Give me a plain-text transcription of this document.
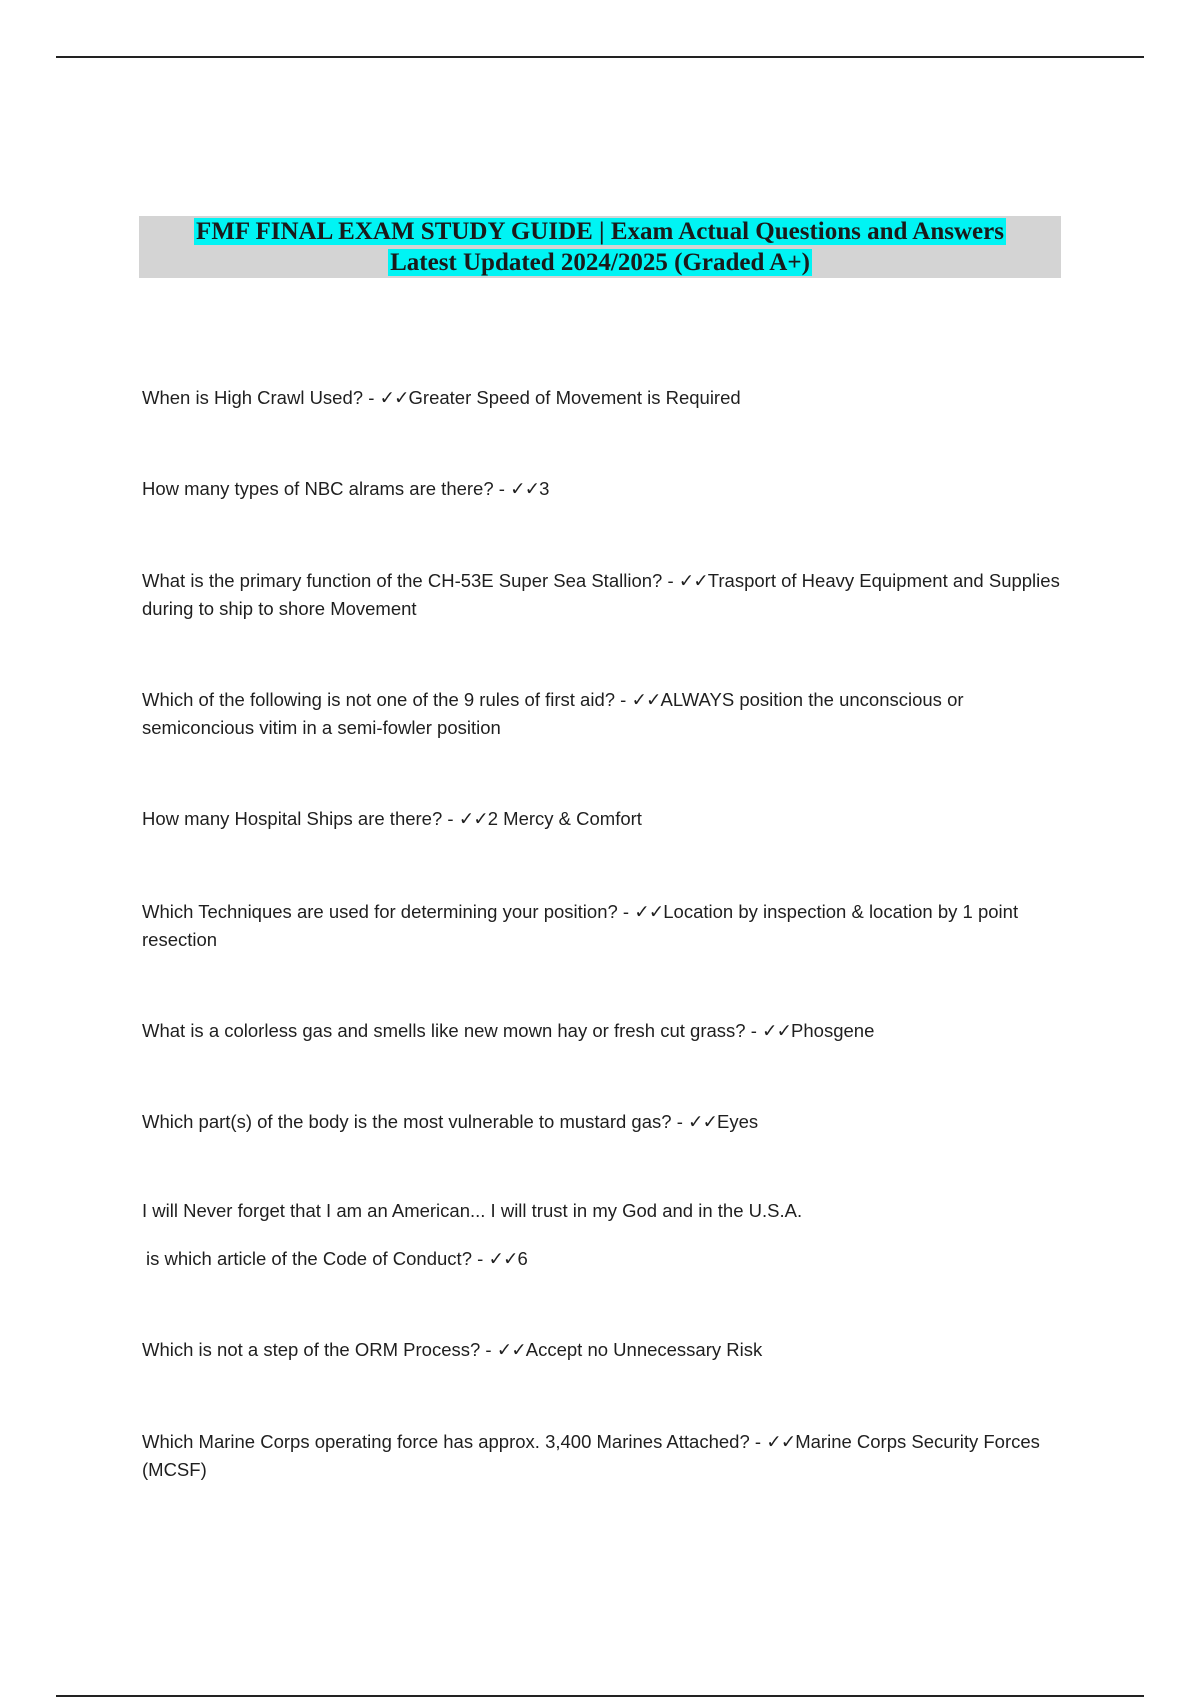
FMF FINAL EXAM STUDY GUIDE | Exam Actual Questions and Answers
Latest Updated 2024/2025 (Graded A+)
When is High Crawl Used? - ✓✓Greater Speed of Movement is Required
How many types of NBC alrams are there? - ✓✓3
What is the primary function of the CH-53E Super Sea Stallion? - ✓✓Trasport of Heavy Equipment and Supplies during to ship to shore Movement
Which of the following is not one of the 9 rules of first aid? - ✓✓ALWAYS position the unconscious or semiconcious vitim in a semi-fowler position
How many Hospital Ships are there? - ✓✓2 Mercy & Comfort
Which Techniques are used for determining your position? - ✓✓Location by inspection & location by 1 point resection
What is a colorless gas and smells like new mown hay or fresh cut grass? - ✓✓Phosgene
Which part(s) of the body is the most vulnerable to mustard gas? - ✓✓Eyes
I will Never forget that I am an American... I will trust in my God and in the U.S.A.
is which article of the Code of Conduct? - ✓✓6
Which is not a step of the ORM Process? - ✓✓Accept no Unnecessary Risk
Which Marine Corps operating force has approx. 3,400 Marines Attached? - ✓✓Marine Corps Security Forces (MCSF)
